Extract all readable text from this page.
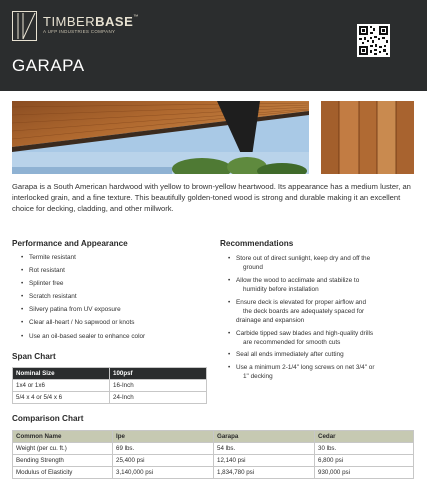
TIMBERBASE™
A UFP INDUSTRIES COMPANY
GARAPA

Garapa is a South American hardwood with yellow to brown-yellow heartwood. Its appearance has a medium luster, an interlocked grain, and a fine texture. This beautifully golden-toned wood is strong and durable making it an excellent choice for decking, cladding, and other millwork.

Performance and Appearance
• Termite resistant
• Rot resistant
• Splinter free
• Scratch resistant
• Silvery patina from UV exposure
• Clear all-heart / No sapwood or knots
• Use an oil-based sealer to enhance color
Recommendations
• Store out of direct sunlight, keep dry and off the
ground
• Allow the wood to acclimate and stabilize to
humidity before installation
• Ensure deck is elevated for proper airflow and
the deck boards are adequately spaced for
drainage and expansion
• Carbide tipped saw blades and high-quality drills
are recommended for smooth cuts
• Seal all ends immediately after cutting
• Use a minimum 2-1/4" long screws on net 3/4" or
1" decking
Span Chart
Nominal Size	100psf
1x4 or 1x6	16-Inch
5/4 x 4 or 5/4 x 6	24-Inch
Comparison Chart
Common Name	Ipe	Garapa	Cedar
Weight (per cu. ft.)	69 lbs.	54 lbs.	30 lbs.
Bending Strength	25,400 psi	12,140 psi	6,800 psi
Modulus of Elasticity	3,140,000 psi	1,834,780 psi	930,000 psi
